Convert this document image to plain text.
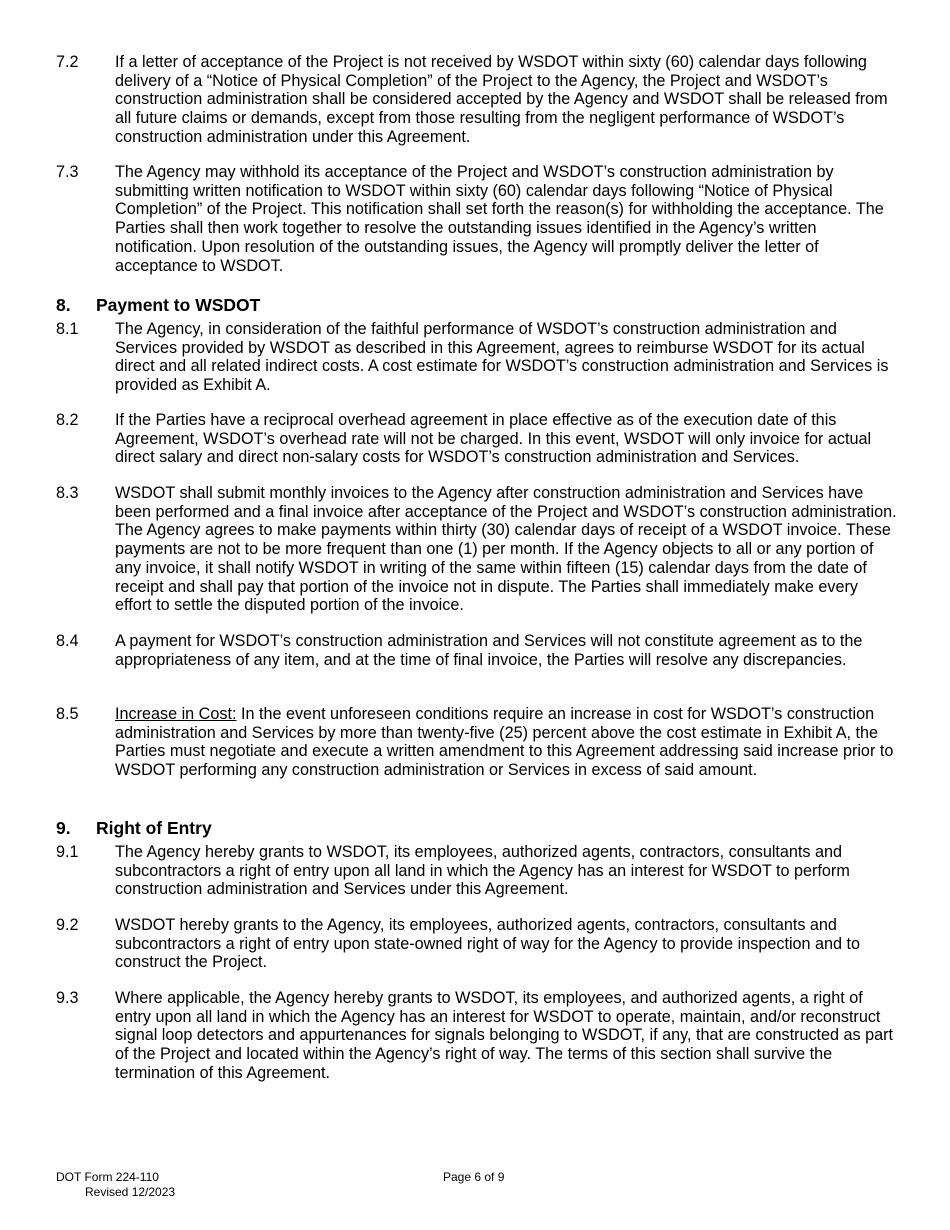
7.2 If a letter of acceptance of the Project is not received by WSDOT within sixty (60) calendar days following delivery of a “Notice of Physical Completion” of the Project to the Agency, the Project and WSDOT’s construction administration shall be considered accepted by the Agency and WSDOT shall be released from all future claims or demands, except from those resulting from the negligent performance of WSDOT’s construction administration under this Agreement.
7.3 The Agency may withhold its acceptance of the Project and WSDOT’s construction administration by submitting written notification to WSDOT within sixty (60) calendar days following “Notice of Physical Completion” of the Project. This notification shall set forth the reason(s) for withholding the acceptance. The Parties shall then work together to resolve the outstanding issues identified in the Agency’s written notification. Upon resolution of the outstanding issues, the Agency will promptly deliver the letter of acceptance to WSDOT.
8. Payment to WSDOT
8.1 The Agency, in consideration of the faithful performance of WSDOT’s construction administration and Services provided by WSDOT as described in this Agreement, agrees to reimburse WSDOT for its actual direct and all related indirect costs. A cost estimate for WSDOT’s construction administration and Services is provided as Exhibit A.
8.2 If the Parties have a reciprocal overhead agreement in place effective as of the execution date of this Agreement, WSDOT’s overhead rate will not be charged. In this event, WSDOT will only invoice for actual direct salary and direct non-salary costs for WSDOT’s construction administration and Services.
8.3 WSDOT shall submit monthly invoices to the Agency after construction administration and Services have been performed and a final invoice after acceptance of the Project and WSDOT’s construction administration. The Agency agrees to make payments within thirty (30) calendar days of receipt of a WSDOT invoice. These payments are not to be more frequent than one (1) per month. If the Agency objects to all or any portion of any invoice, it shall notify WSDOT in writing of the same within fifteen (15) calendar days from the date of receipt and shall pay that portion of the invoice not in dispute. The Parties shall immediately make every effort to settle the disputed portion of the invoice.
8.4 A payment for WSDOT’s construction administration and Services will not constitute agreement as to the appropriateness of any item, and at the time of final invoice, the Parties will resolve any discrepancies.
8.5 Increase in Cost: In the event unforeseen conditions require an increase in cost for WSDOT’s construction administration and Services by more than twenty-five (25) percent above the cost estimate in Exhibit A, the Parties must negotiate and execute a written amendment to this Agreement addressing said increase prior to WSDOT performing any construction administration or Services in excess of said amount.
9. Right of Entry
9.1 The Agency hereby grants to WSDOT, its employees, authorized agents, contractors, consultants and subcontractors a right of entry upon all land in which the Agency has an interest for WSDOT to perform construction administration and Services under this Agreement.
9.2 WSDOT hereby grants to the Agency, its employees, authorized agents, contractors, consultants and subcontractors a right of entry upon state-owned right of way for the Agency to provide inspection and to construct the Project.
9.3 Where applicable, the Agency hereby grants to WSDOT, its employees, and authorized agents, a right of entry upon all land in which the Agency has an interest for WSDOT to operate, maintain, and/or reconstruct signal loop detectors and appurtenances for signals belonging to WSDOT, if any, that are constructed as part of the Project and located within the Agency’s right of way. The terms of this section shall survive the termination of this Agreement.
DOT Form 224-110
Revised 12/2023
Page 6 of 9
